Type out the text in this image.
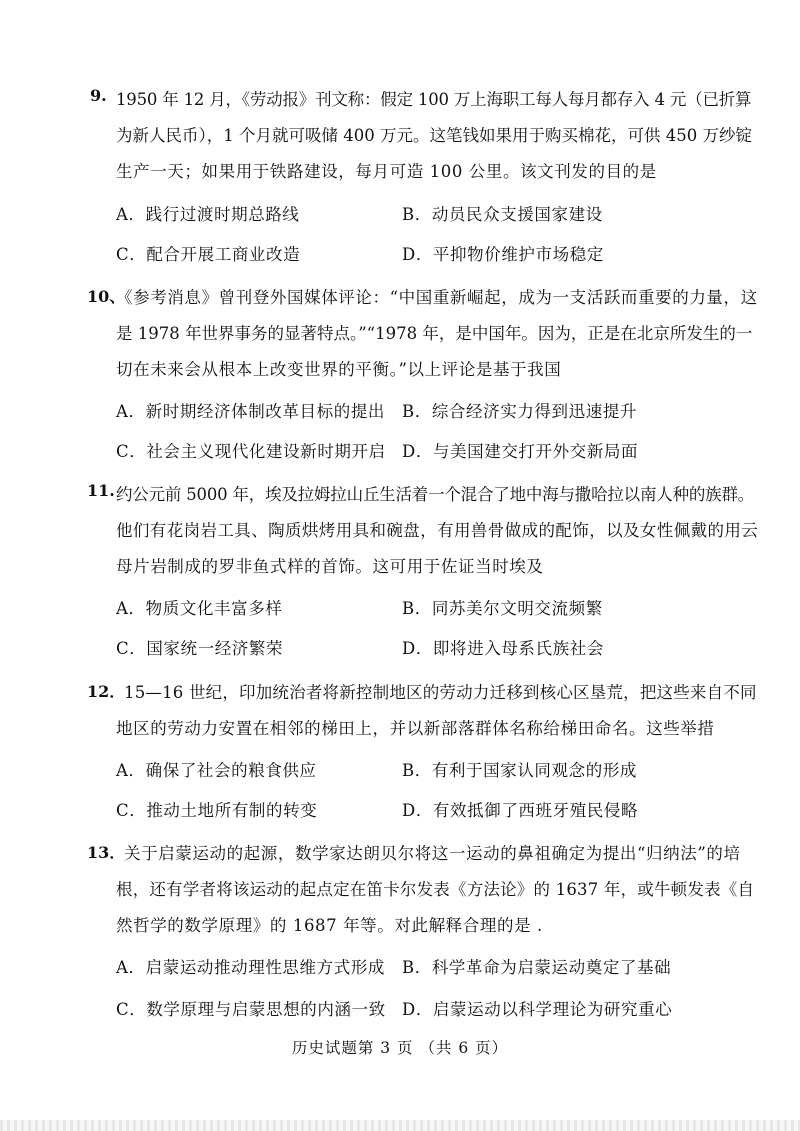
9. 1950 年 12 月，《劳动报》刊文称：假定 100 万上海职工每人每月都存入 4 元（已折算
为新人民币），1 个月就可吸储 400 万元。这笔钱如果用于购买棉花，可供 450 万纱锭
生产一天；如果用于铁路建设，每月可造 100 公里。该文刊发的目的是
A．践行过渡时期总路线	B．动员民众支援国家建设
C．配合开展工商业改造	D．平抑物价维护市场稳定
10、
《参考消息》曾刊登外国媒体评论：“中国重新崛起，成为一支活跃而重要的力量，这
是 1978 年世界事务的显著特点。”“1978 年，是中国年。因为，正是在北京所发生的一
切在未来会从根本上改变世界的平衡。”以上评论是基于我国
A．新时期经济体制改革目标的提出 B．综合经济实力得到迅速提升
C．社会主义现代化建设新时期开启 D．与美国建交打开外交新局面
11. 约公元前 5000 年，埃及拉姆拉山丘生活着一个混合了地中海与撒哈拉以南人种的族群。
他们有花岗岩工具、陶质烘烤用具和碗盘，有用兽骨做成的配饰，以及女性佩戴的用云
母片岩制成的罗非鱼式样的首饰。这可用于佐证当时埃及
A．物质文化丰富多样	B．同苏美尔文明交流频繁
C．国家统一经济繁荣	D．即将进入母系氏族社会
12．
15—16 世纪，印加统治者将新控制地区的劳动力迁移到核心区垦荒，把这些来自不同
地区的劳动力安置在相邻的梯田上，并以新部落群体名称给梯田命名。这些举措
A．确保了社会的粮食供应	B．有利于国家认同观念的形成
C．推动土地所有制的转变	D．有效抵御了西班牙殖民侵略
13．
关于启蒙运动的起源，数学家达朗贝尔将这一运动的鼻祖确定为提出“归纳法”的培
根，还有学者将该运动的起点定在笛卡尔发表《方法论》的 1637 年，或牛顿发表《自
然哲学的数学原理》的 1687 年等。对此解释合理的是 .
A．启蒙运动推动理性思维方式形成 B．科学革命为启蒙运动奠定了基础
C．数学原理与启蒙思想的内涵一致 D．启蒙运动以科学理论为研究重心
历史试题第 3 页 （共 6 页）
